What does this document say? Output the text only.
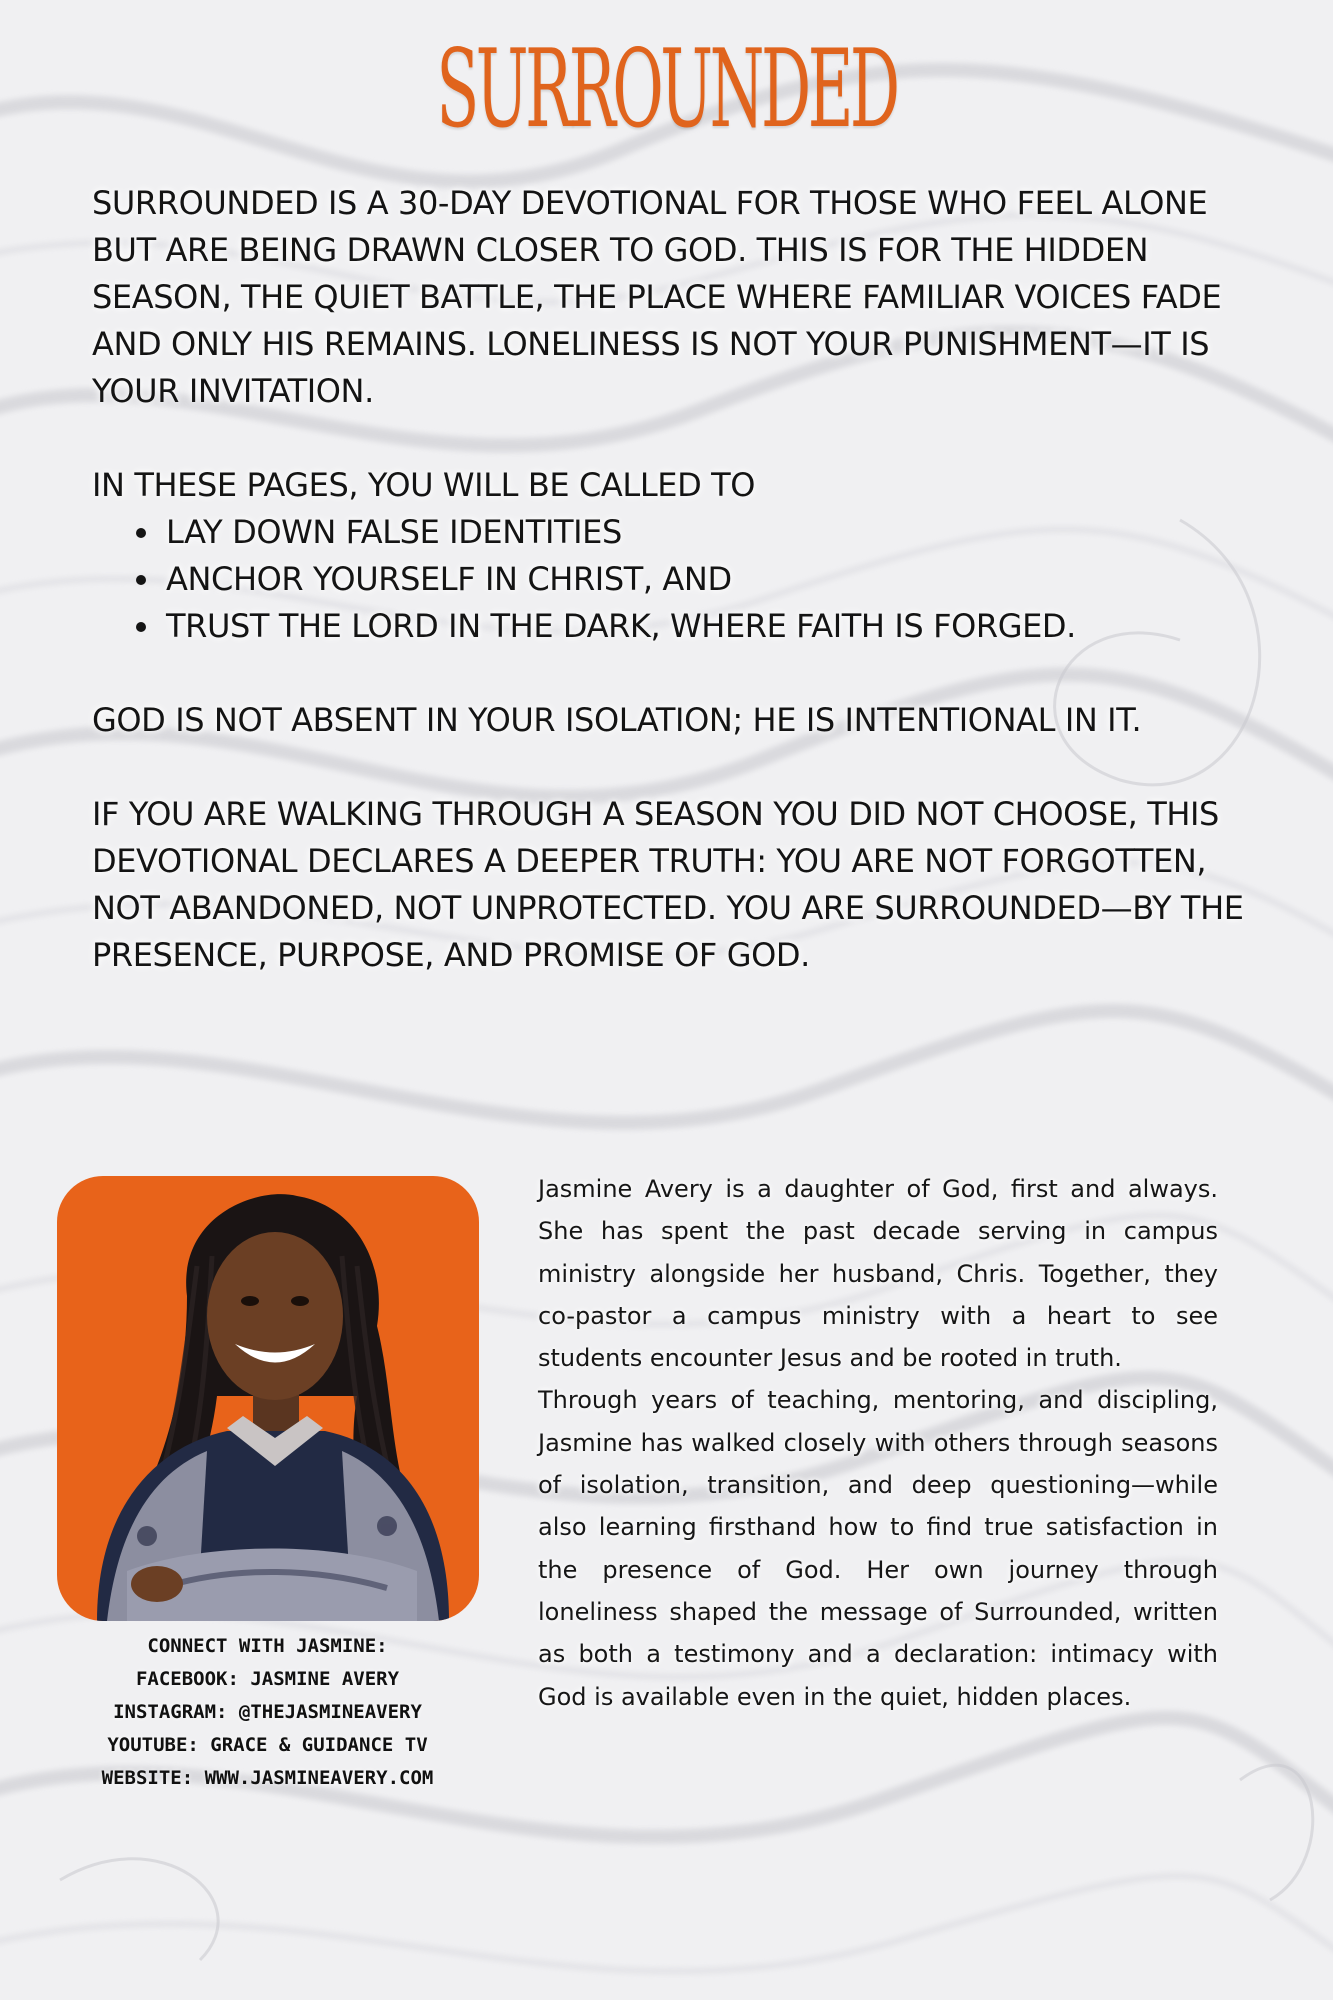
SURROUNDED

SURROUNDED IS A 30-DAY DEVOTIONAL FOR THOSE WHO FEEL ALONE BUT ARE BEING DRAWN CLOSER TO GOD. THIS IS FOR THE HIDDEN SEASON, THE QUIET BATTLE, THE PLACE WHERE FAMILIAR VOICES FADE AND ONLY HIS REMAINS. LONELINESS IS NOT YOUR PUNISHMENT—IT IS YOUR INVITATION.

IN THESE PAGES, YOU WILL BE CALLED TO

LAY DOWN FALSE IDENTITIES
ANCHOR YOURSELF IN CHRIST, AND
TRUST THE LORD IN THE DARK, WHERE FAITH IS FORGED.

GOD IS NOT ABSENT IN YOUR ISOLATION; HE IS INTENTIONAL IN IT.

IF YOU ARE WALKING THROUGH A SEASON YOU DID NOT CHOOSE, THIS DEVOTIONAL DECLARES A DEEPER TRUTH: YOU ARE NOT FORGOTTEN, NOT ABANDONED, NOT UNPROTECTED. YOU ARE SURROUNDED—BY THE PRESENCE, PURPOSE, AND PROMISE OF GOD.

CONNECT WITH JASMINE:
FACEBOOK: JASMINE AVERY
INSTAGRAM: @THEJASMINEAVERY
YOUTUBE: GRACE & GUIDANCE TV
WEBSITE: WWW.JASMINEAVERY.COM

Jasmine Avery is a daughter of God, first and always. She has spent the past decade serving in campus ministry alongside her husband, Chris. Together, they co-pastor a campus ministry with a heart to see students encounter Jesus and be rooted in truth.

Through years of teaching, mentoring, and discipling, Jasmine has walked closely with others through seasons of isolation, transition, and deep questioning—while also learning firsthand how to find true satisfaction in the presence of God. Her own journey through loneliness shaped the message of Surrounded, written as both a testimony and a declaration: intimacy with God is available even in the quiet, hidden places.
